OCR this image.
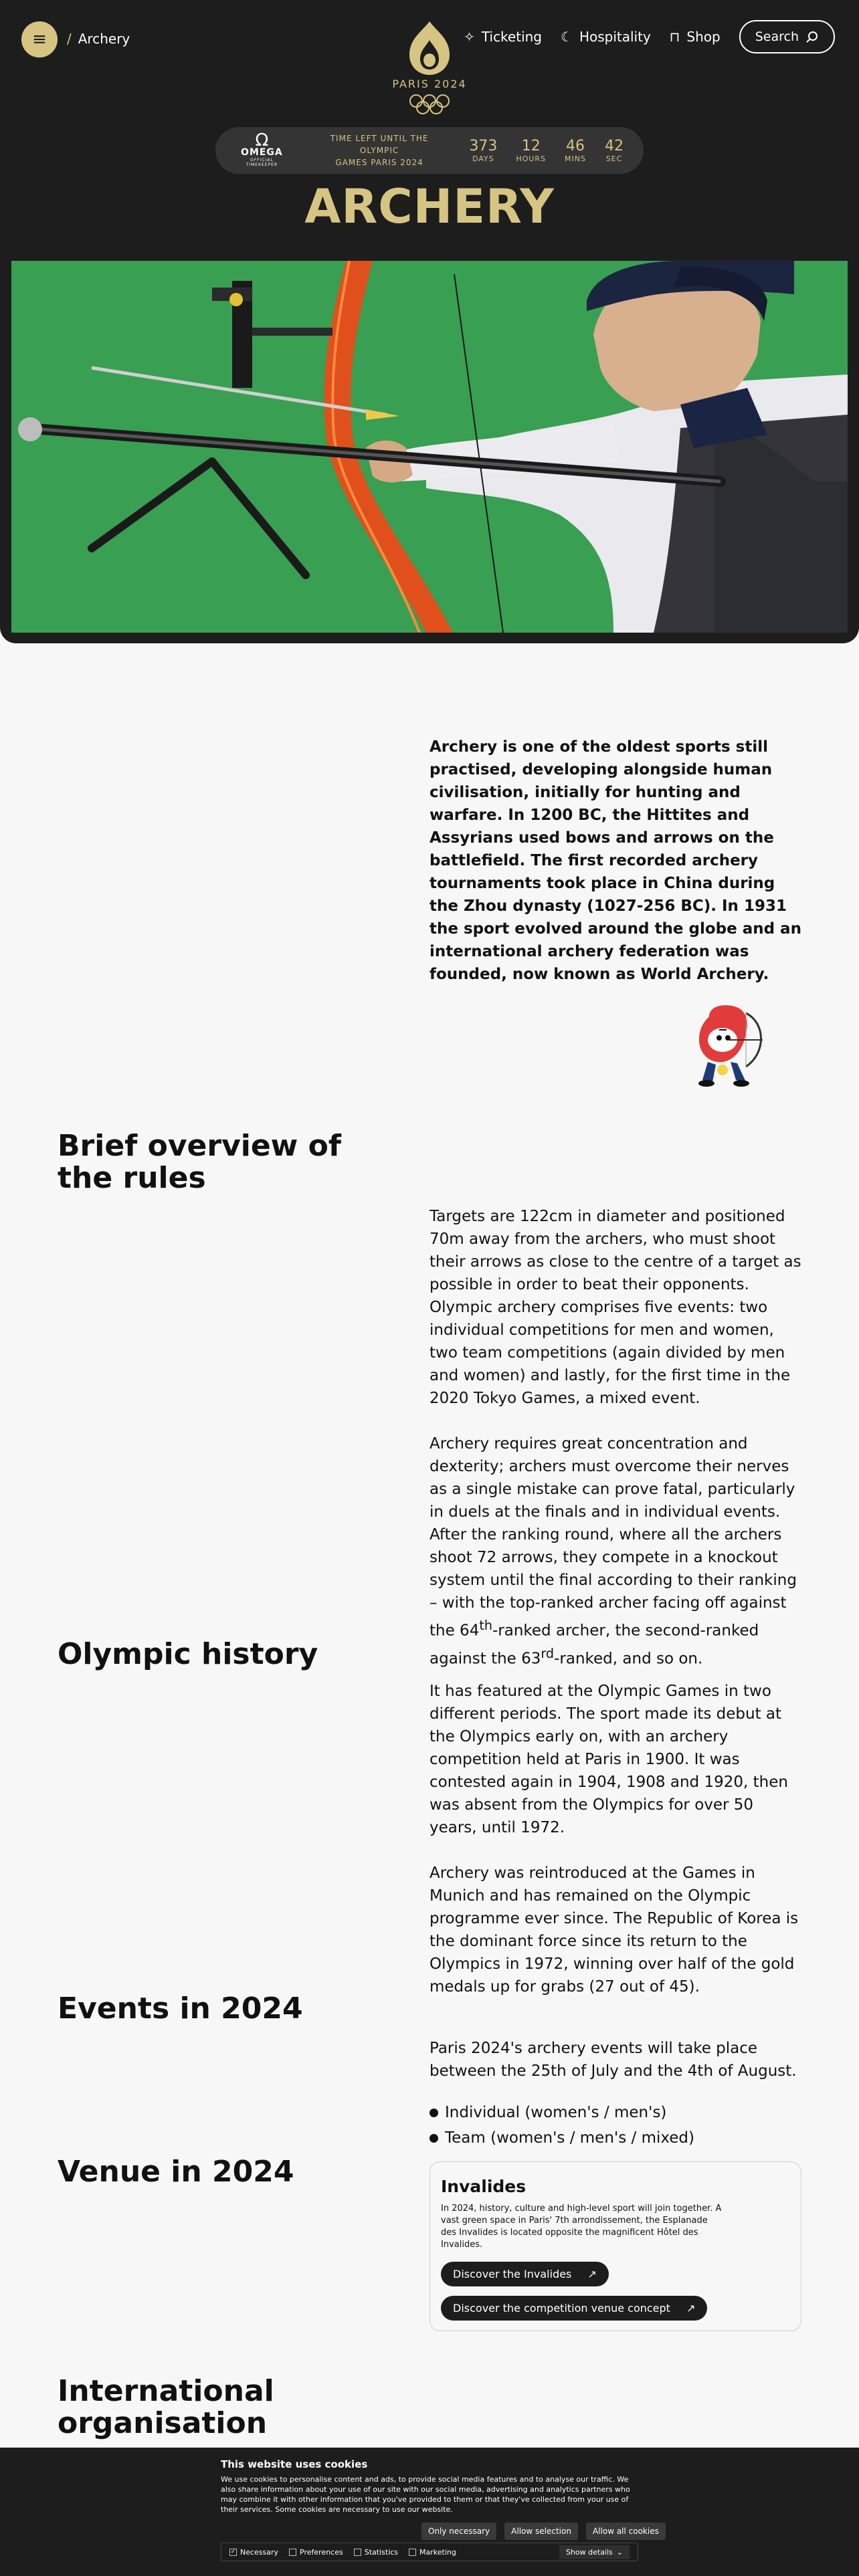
≡ / Archery
PARIS 2024
✧ Ticketing ☾ Hospitality ⊓ Shop	Search
Ω
OMEGA
OFFICIAL TIMEKEEPER
TIME LEFT UNTIL THE
OLYMPIC
GAMES PARIS 2024
373
DAYS
12
HOURS
46
MINS
42
SEC
ARCHERY

Archery is one of the oldest sports still practised, developing alongside human civilisation, initially for hunting and warfare. In 1200 BC, the Hittites and Assyrians used bows and arrows on the battlefield. The first recorded archery tournaments took place in China during the Zhou dynasty (1027-256 BC). In 1931 the sport evolved around the globe and an international archery federation was founded, now known as World Archery.

Brief overview of the rules

Targets are 122cm in diameter and positioned 70m away from the archers, who must shoot their arrows as close to the centre of a target as possible in order to beat their opponents. Olympic archery comprises five events: two individual competitions for men and women, two team competitions (again divided by men and women) and lastly, for the first time in the 2020 Tokyo Games, a mixed event.

Archery requires great concentration and dexterity; archers must overcome their nerves as a single mistake can prove fatal, particularly in duels at the finals and in individual events. After the ranking round, where all the archers shoot 72 arrows, they compete in a knockout system until the final according to their ranking – with the top-ranked archer facing off against the 64th-ranked archer, the second-ranked against the 63rd-ranked, and so on.

Olympic history

It has featured at the Olympic Games in two different periods. The sport made its debut at the Olympics early on, with an archery competition held at Paris in 1900. It was contested again in 1904, 1908 and 1920, then was absent from the Olympics for over 50 years, until 1972.

Archery was reintroduced at the Games in Munich and has remained on the Olympic programme ever since. The Republic of Korea is the dominant force since its return to the Olympics in 1972, winning over half of the gold medals up for grabs (27 out of 45).

Events in 2024

Paris 2024's archery events will take place between the 25th of July and the 4th of August.

Individual (women's / men's)
Team (women's / men's / mixed)
Venue in 2024	Invalides
In 2024, history, culture and high-level sport will join together. A vast green space in Paris' 7th arrondissement, the Esplanade des Invalides is located opposite the magnificent Hôtel des Invalides.
Discover the Invalides ↗
Discover the competition venue concept ↗
International organisation
This website uses cookies
We use cookies to personalise content and ads, to provide social media features and to analyse our traffic. We also share information about your use of our site with our social media, advertising and analytics partners who may combine it with other information that you've provided to them or that they've collected from your use of their services. Some cookies are necessary to use our website.
Only necessary	Allow selection	Allow all cookies
✓ Necessary	Preferences	Statistics	Marketing	Show details ⌄
